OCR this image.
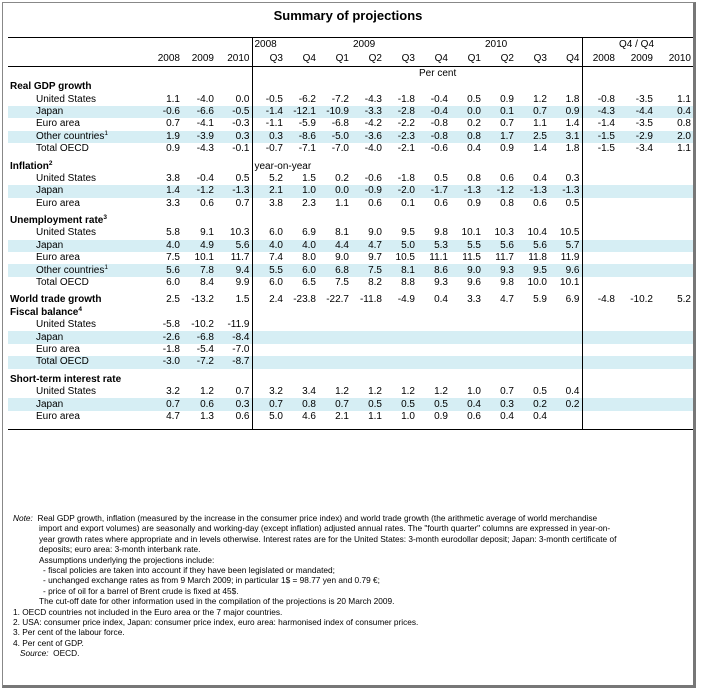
Summary of projections
				2008			2009				2010				Q4 / Q4	
	2008	2009	2010	Q3	Q4	Q1	Q2	Q3	Q4	Q1	Q2	Q3	Q4	2008	2009	2010
									Per cent							
Real GDP growth																
United States	1.1	-4.0	0.0	-0.5	-6.2	-7.2	-4.3	-1.8	-0.4	0.5	0.9	1.2	1.8	-0.8	-3.5	1.1
Japan	-0.6	-6.6	-0.5	-1.4	-12.1	-10.9	-3.3	-2.8	-0.4	0.0	0.1	0.7	0.9	-4.3	-4.4	0.4
Euro area	0.7	-4.1	-0.3	-1.1	-5.9	-6.8	-4.2	-2.2	-0.8	0.2	0.7	1.1	1.4	-1.4	-3.5	0.8
Other countries$^1$	1.9	-3.9	0.3	0.3	-8.6	-5.0	-3.6	-2.3	-0.8	0.8	1.7	2.5	3.1	-1.5	-2.9	2.0
Total OECD	0.9	-4.3	-0.1	-0.7	-7.1	-7.0	-4.0	-2.1	-0.6	0.4	0.9	1.4	1.8	-1.5	-3.4	1.1

Inflation$^2$				year-on-year												
United States	3.8	-0.4	0.5	5.2	1.5	0.2	-0.6	-1.8	0.5	0.8	0.6	0.4	0.3			
Japan	1.4	-1.2	-1.3	2.1	1.0	0.0	-0.9	-2.0	-1.7	-1.3	-1.2	-1.3	-1.3			
Euro area	3.3	0.6	0.7	3.8	2.3	1.1	0.6	0.1	0.6	0.9	0.8	0.6	0.5			

Unemployment rate$^3$																
United States	5.8	9.1	10.3	6.0	6.9	8.1	9.0	9.5	9.8	10.1	10.3	10.4	10.5			
Japan	4.0	4.9	5.6	4.0	4.0	4.4	4.7	5.0	5.3	5.5	5.6	5.6	5.7			
Euro area	7.5	10.1	11.7	7.4	8.0	9.0	9.7	10.5	11.1	11.5	11.7	11.8	11.9			
Other countries$^1$	5.6	7.8	9.4	5.5	6.0	6.8	7.5	8.1	8.6	9.0	9.3	9.5	9.6			
Total OECD	6.0	8.4	9.9	6.0	6.5	7.5	8.2	8.8	9.3	9.6	9.8	10.0	10.1			

World trade growth	2.5	-13.2	1.5	2.4	-23.8	-22.7	-11.8	-4.9	0.4	3.3	4.7	5.9	6.9	-4.8	-10.2	5.2
Fiscal balance$^4$																
United States	-5.8	-10.2	-11.9													
Japan	-2.6	-6.8	-8.4													
Euro area	-1.8	-5.4	-7.0													
Total OECD	-3.0	-7.2	-8.7													

Short-term interest rate																
United States	3.2	1.2	0.7	3.2	3.4	1.2	1.2	1.2	1.2	1.0	0.7	0.5	0.4			
Japan	0.7	0.6	0.3	0.7	0.8	0.7	0.5	0.5	0.5	0.4	0.3	0.2	0.2			
Euro area	4.7	1.3	0.6	5.0	4.6	2.1	1.1	1.0	0.9	0.6	0.4	0.4				

Note: Real GDP growth, inflation (measured by the increase in the consumer price index) and world trade growth (the arithmetic average of world merchandise
import and export volumes) are seasonally and working-day (except inflation) adjusted annual rates. The "fourth quarter" columns are expressed in year-on-
year growth rates where appropriate and in levels otherwise. Interest rates are for the United States: 3-month eurodollar deposit; Japan: 3-month certificate of
deposits; euro area: 3-month interbank rate.
Assumptions underlying the projections include:
- fiscal policies are taken into account if they have been legislated or mandated;
- unchanged exchange rates as from 9 March 2009; in particular 1$ = 98.77 yen and 0.79 €;
- price of oil for a barrel of Brent crude is fixed at 45$.
The cut-off date for other information used in the compilation of the projections is 20 March 2009.
1. OECD countries not included in the Euro area or the 7 major countries.
2. USA: consumer price index, Japan: consumer price index, euro area: harmonised index of consumer prices.
3. Per cent of the labour force.
4. Per cent of GDP.
Source: OECD.
